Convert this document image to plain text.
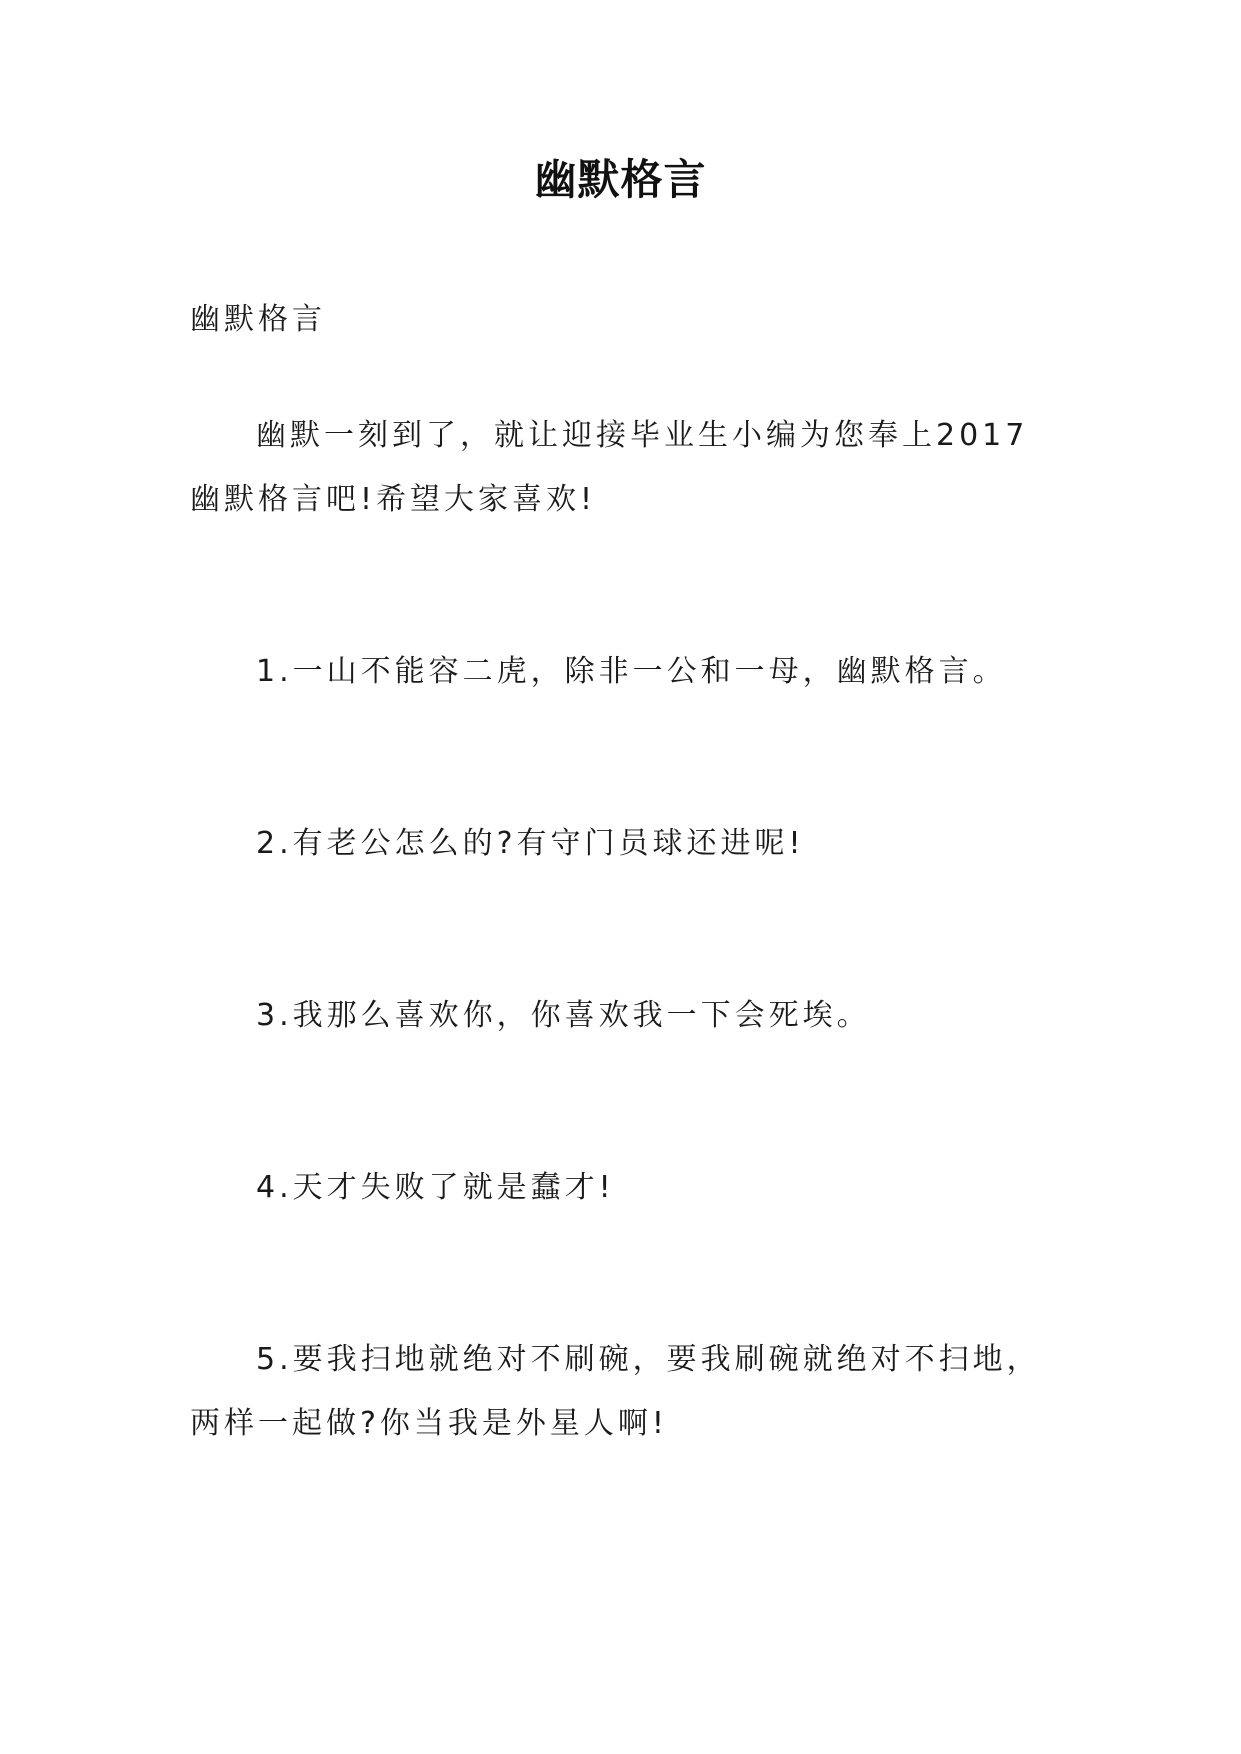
幽默格言

幽默格言

幽默一刻到了，就让迎接毕业生小编为您奉上2017幽默格言吧!希望大家喜欢!

1.一山不能容二虎，除非一公和一母，幽默格言。

2.有老公怎么的?有守门员球还进呢!

3.我那么喜欢你，你喜欢我一下会死埃。

4.天才失败了就是蠢才!

5.要我扫地就绝对不刷碗，要我刷碗就绝对不扫地，两样一起做?你当我是外星人啊!
